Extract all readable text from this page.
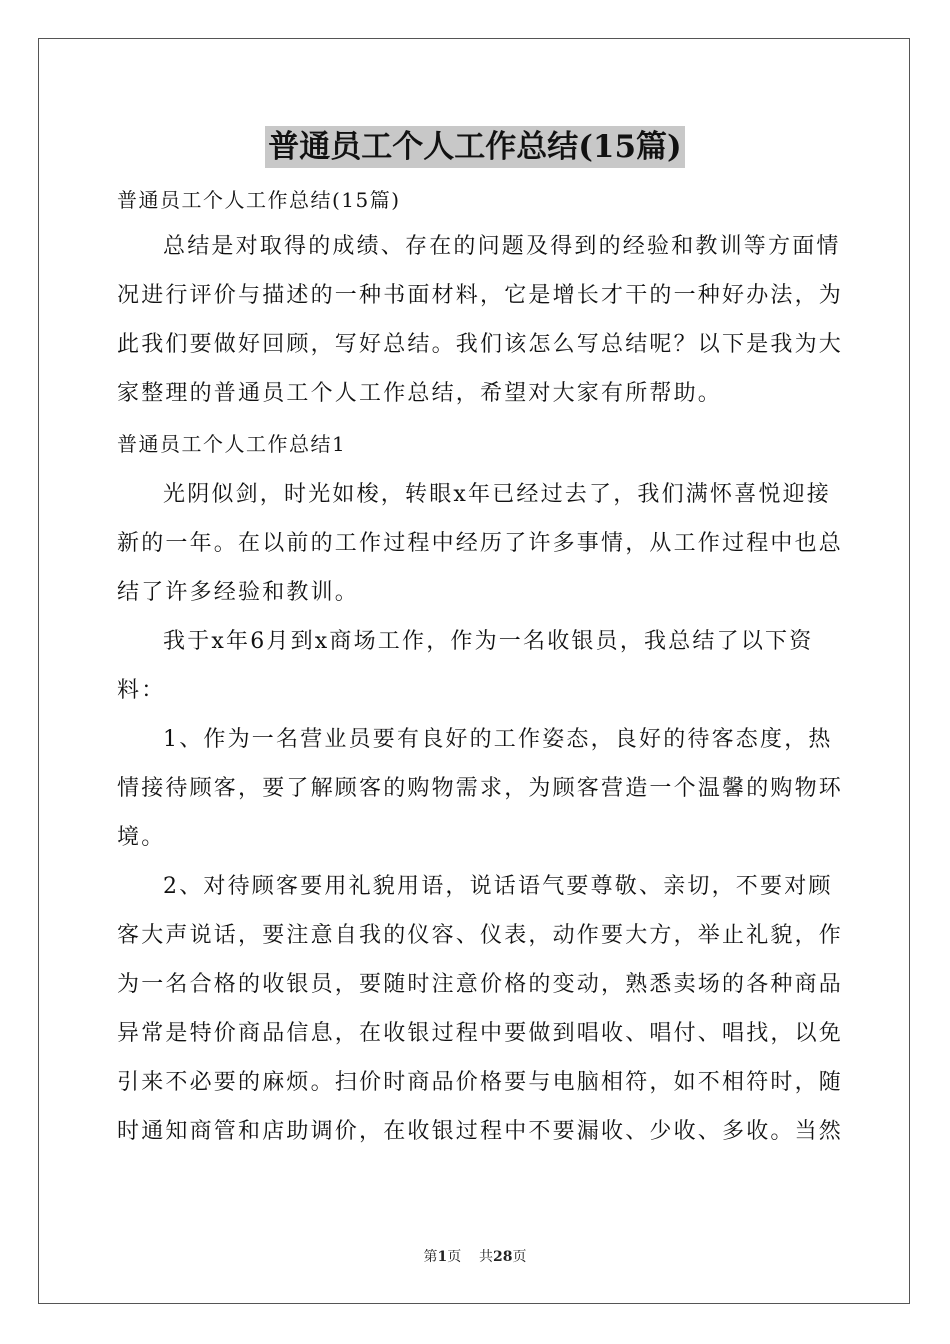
普通员工个人工作总结(15篇)
普通员工个人工作总结(15篇)
总结是对取得的成绩、存在的问题及得到的经验和教训等方面情
况进行评价与描述的一种书面材料，它是增长才干的一种好办法，为
此我们要做好回顾，写好总结。我们该怎么写总结呢？以下是我为大
家整理的普通员工个人工作总结，希望对大家有所帮助。
普通员工个人工作总结1
光阴似剑，时光如梭，转眼x年已经过去了，我们满怀喜悦迎接
新的一年。在以前的工作过程中经历了许多事情，从工作过程中也总
结了许多经验和教训。
我于x年6月到x商场工作，作为一名收银员，我总结了以下资
料：
1、作为一名营业员要有良好的工作姿态，良好的待客态度，热
情接待顾客，要了解顾客的购物需求，为顾客营造一个温馨的购物环
境。
2、对待顾客要用礼貌用语，说话语气要尊敬、亲切，不要对顾
客大声说话，要注意自我的仪容、仪表，动作要大方，举止礼貌，作
为一名合格的收银员，要随时注意价格的变动，熟悉卖场的各种商品
异常是特价商品信息，在收银过程中要做到唱收、唱付、唱找，以免
引来不必要的麻烦。扫价时商品价格要与电脑相符，如不相符时，随
时通知商管和店助调价，在收银过程中不要漏收、少收、多收。当然
第1页 共28页
